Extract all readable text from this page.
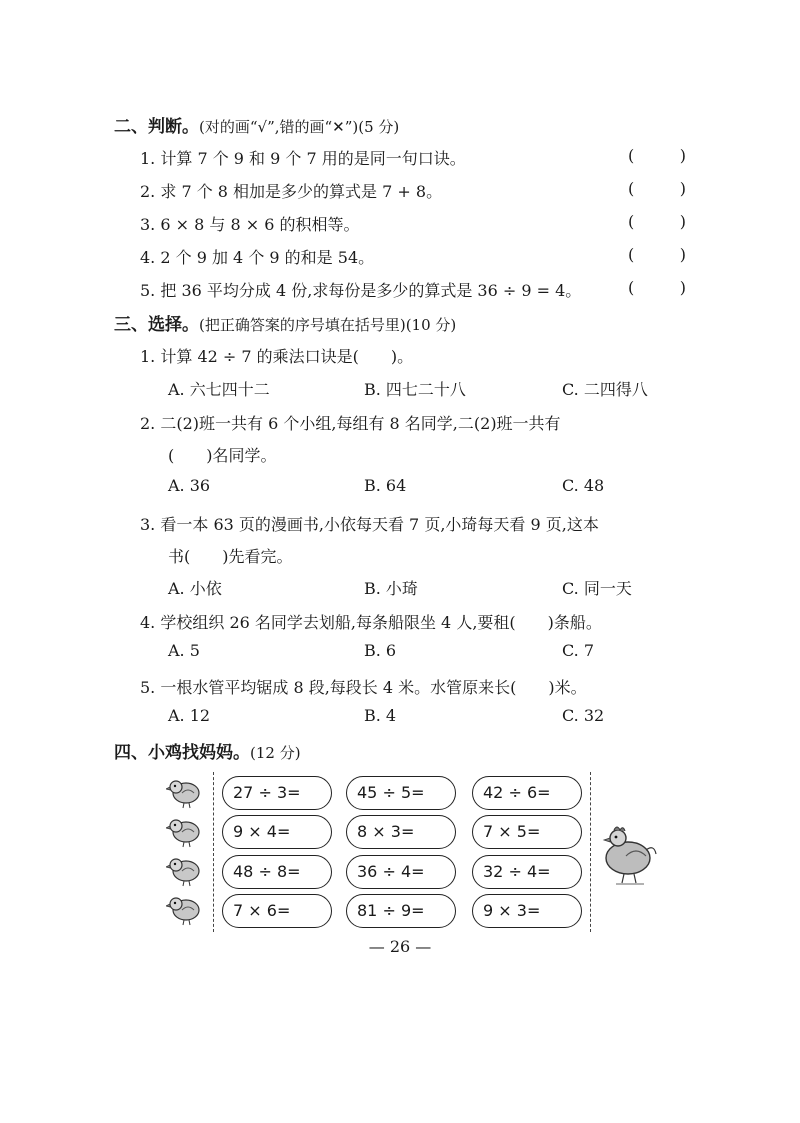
二、判断。(对的画“√”,错的画“✕”)(5 分)
1. 计算 7 个 9 和 9 个 7 用的是同一句口诀。	(	)
2. 求 7 个 8 相加是多少的算式是 7 + 8。	(	)
3. 6 × 8 与 8 × 6 的积相等。	(	)
4. 2 个 9 加 4 个 9 的和是 54。	(	)
5. 把 36 平均分成 4 份,求每份是多少的算式是 36 ÷ 9 = 4。	(	)
三、选择。(把正确答案的序号填在括号里)(10 分)
1. 计算 42 ÷ 7 的乘法口诀是(　　)。
A. 六七四十二	B. 四七二十八	C. 二四得八
2. 二(2)班一共有 6 个小组,每组有 8 名同学,二(2)班一共有
(　　)名同学。
A. 36	B. 64	C. 48
3. 看一本 63 页的漫画书,小依每天看 7 页,小琦每天看 9 页,这本
书(　　)先看完。
A. 小依	B. 小琦	C. 同一天
4. 学校组织 26 名同学去划船,每条船限坐 4 人,要租(　　)条船。
A. 5	B. 6	C. 7
5. 一根水管平均锯成 8 段,每段长 4 米。水管原来长(　　)米。
A. 12	B. 4	C. 32
四、小鸡找妈妈。(12 分)
27 ÷ 3=	45 ÷ 5=	42 ÷ 6=
9 × 4=	8 × 3=	7 × 5=
48 ÷ 8=	36 ÷ 4=	32 ÷ 4=
7 × 6=	81 ÷ 9=	9 × 3=
— 26 —
